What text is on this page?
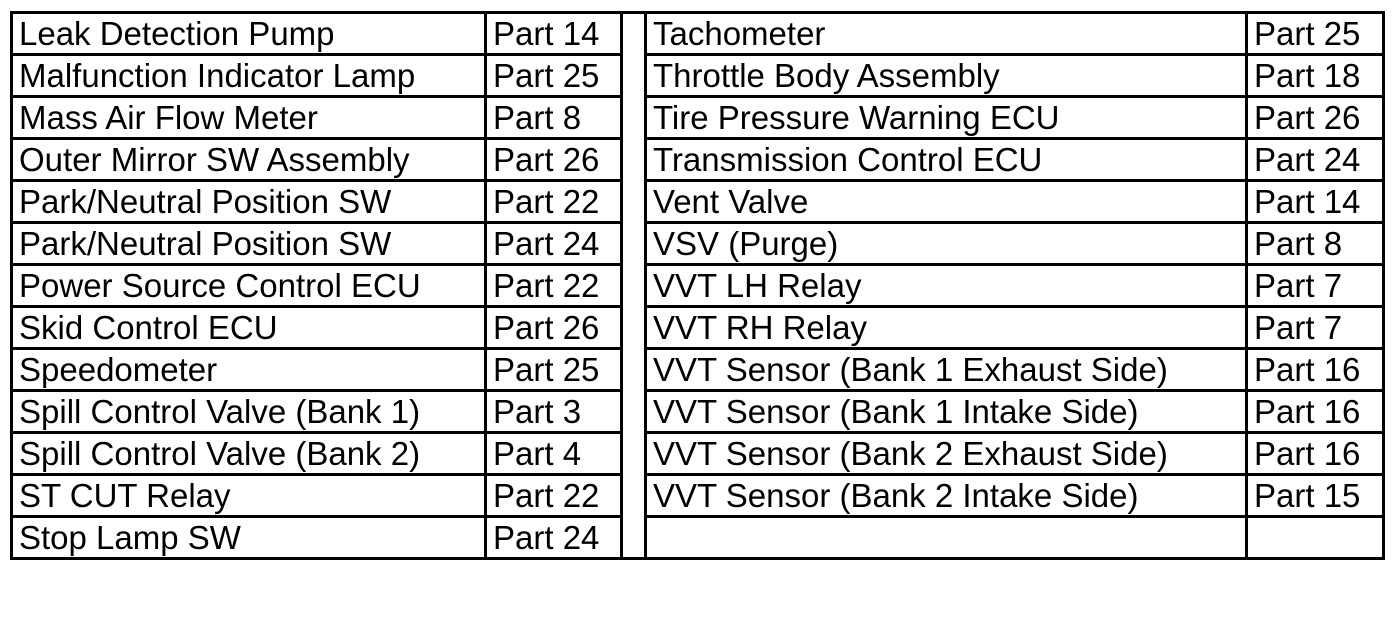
Leak Detection Pump	Part 14		Tachometer	Part 25
Malfunction Indicator Lamp	Part 25		Throttle Body Assembly	Part 18
Mass Air Flow Meter	Part 8		Tire Pressure Warning ECU	Part 26
Outer Mirror SW Assembly	Part 26		Transmission Control ECU	Part 24
Park/Neutral Position SW	Part 22		Vent Valve	Part 14
Park/Neutral Position SW	Part 24		VSV (Purge)	Part 8
Power Source Control ECU	Part 22		VVT LH Relay	Part 7
Skid Control ECU	Part 26		VVT RH Relay	Part 7
Speedometer	Part 25		VVT Sensor (Bank 1 Exhaust Side)	Part 16
Spill Control Valve (Bank 1)	Part 3		VVT Sensor (Bank 1 Intake Side)	Part 16
Spill Control Valve (Bank 2)	Part 4		VVT Sensor (Bank 2 Exhaust Side)	Part 16
ST CUT Relay	Part 22		VVT Sensor (Bank 2 Intake Side)	Part 15
Stop Lamp SW	Part 24			
